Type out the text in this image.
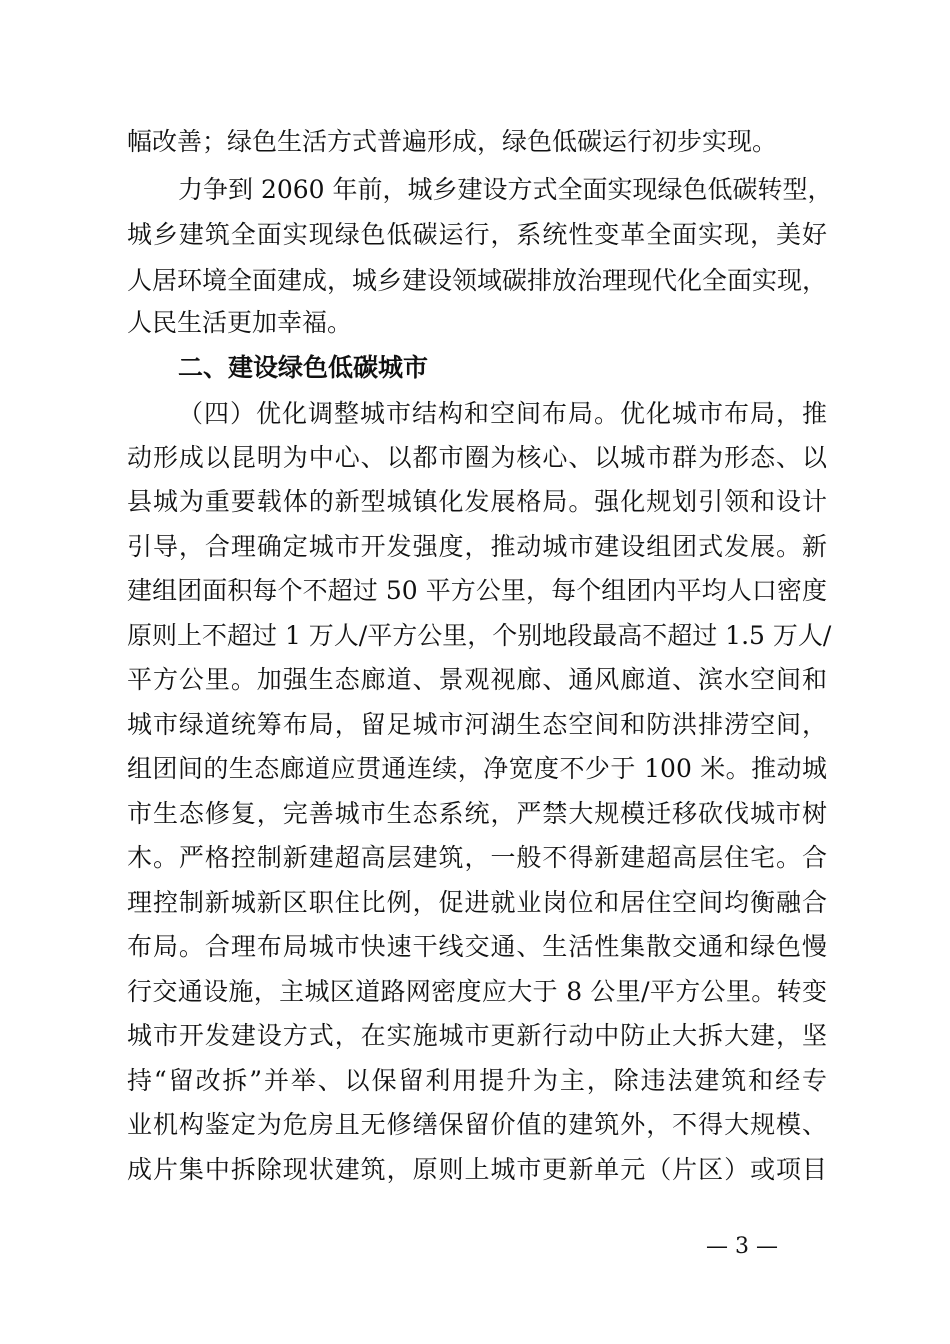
幅改善；绿色生活方式普遍形成，绿色低碳运行初步实现。
力争到 2060 年前，城乡建设方式全面实现绿色低碳转型，
城乡建筑全面实现绿色低碳运行，系统性变革全面实现，美好
人居环境全面建成，城乡建设领域碳排放治理现代化全面实现，
人民生活更加幸福。
二、建设绿色低碳城市
（四）优化调整城市结构和空间布局。优化城市布局，推
动形成以昆明为中心、以都市圈为核心、以城市群为形态、以
县城为重要载体的新型城镇化发展格局。强化规划引领和设计
引导，合理确定城市开发强度，推动城市建设组团式发展。新
建组团面积每个不超过 50 平方公里，每个组团内平均人口密度
原则上不超过 1 万人/平方公里，个别地段最高不超过 1.5 万人/
平方公里。加强生态廊道、景观视廊、通风廊道、滨水空间和
城市绿道统筹布局，留足城市河湖生态空间和防洪排涝空间，
组团间的生态廊道应贯通连续，净宽度不少于 100 米。推动城
市生态修复，完善城市生态系统，严禁大规模迁移砍伐城市树
木。严格控制新建超高层建筑，一般不得新建超高层住宅。合
理控制新城新区职住比例，促进就业岗位和居住空间均衡融合
布局。合理布局城市快速干线交通、生活性集散交通和绿色慢
行交通设施，主城区道路网密度应大于 8 公里/平方公里。转变
城市开发建设方式，在实施城市更新行动中防止大拆大建，坚
持“留改拆”并举、以保留利用提升为主，除违法建筑和经专
业机构鉴定为危房且无修缮保留价值的建筑外，不得大规模、
成片集中拆除现状建筑，原则上城市更新单元（片区）或项目
— 3 —
